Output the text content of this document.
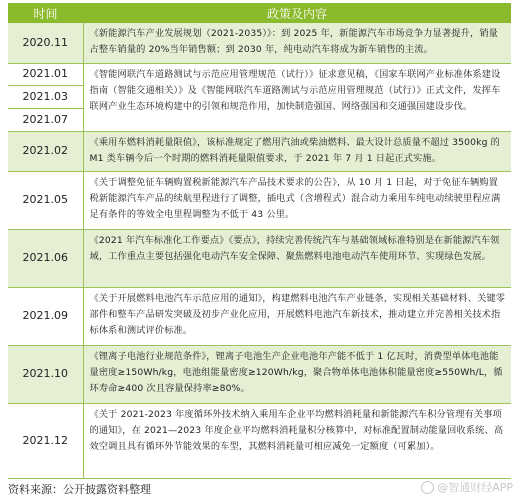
时间	政策及内容
2020.11	《新能源汽车产业发展规划（2021-2035）》：到 2025 年，新能源汽车市场竞争力显著提升，销量占整车销量的 20%当年销售额；到 2030 年，纯电动汽车将成为新车销售的主流。

2021.01
2021.03
2021.07	《智能网联汽车道路测试与示范应用管理规范（试行）》征求意见稿，《国家车联网产业标准体系建设指南（智能交通相关）》及《智能网联汽车道路测试与示范应用管理规范（试行）》正式文件，发挥车联网产业生态环境构建中的引领和规范作用，加快制造强国、网络强国和交通强国建设步伐。
2021.02	《乘用车燃料消耗量限值》，该标准规定了燃用汽油或柴油燃料、最大设计总质量不超过 3500kg 的 M1 类车辆今后一个时期的燃料消耗量限值要求，于 2021 年 7 月 1 日起正式实施。
2021.05	《关于调整免征车辆购置税新能源汽车产品技术要求的公告》，从 10 月 1 日起，对于免征车辆购置税新能源汽车产品的续航里程进行了调整，插电式（含增程式）混合动力乘用车纯电动续驶里程应满足有条件的等效全电里程调整为不低于 43 公里。
2021.06	《2021 年汽车标准化工作要点》《要点》，持续完善传统汽车与基础领域标准特别是在新能源汽车领域，工作重点主要包括强化电动汽车安全保障、聚焦燃料电池电动汽车使用环节、实现绿色发展。
2021.09	《关于开展燃料电池汽车示范应用的通知》，构建燃料电池汽车产业链条，实现相关基础材料、关键零部件和整车产品研发突破及初步产业化应用，开展燃料电池汽车新技术，推动建立并完善相关技术指标体系和测试评价标准。
2021.10	《锂离子电池行业规范条件》，锂离子电池生产企业电池年产能不低于 1 亿瓦时，消费型单体电池能量密度≥150Wh/kg，电池组能量密度≥120Wh/kg，聚合物单体电池体积能量密度≥550Wh/L，循环寿命≥400 次且容量保持率≥80%。
2021.12	《关于 2021-2023 年度循环外技术纳入乘用车企业平均燃料消耗量和新能源汽车积分管理有关事项的通知》，在 2021—2023 年度企业平均燃料消耗量积分核算中，对标准配置制动能量回收系统、高效空调且具有循环外节能效果的车型，其燃料消耗量可相应减免一定额度（可累加）。
资料来源：公开披露资料整理	@智通财经APP
